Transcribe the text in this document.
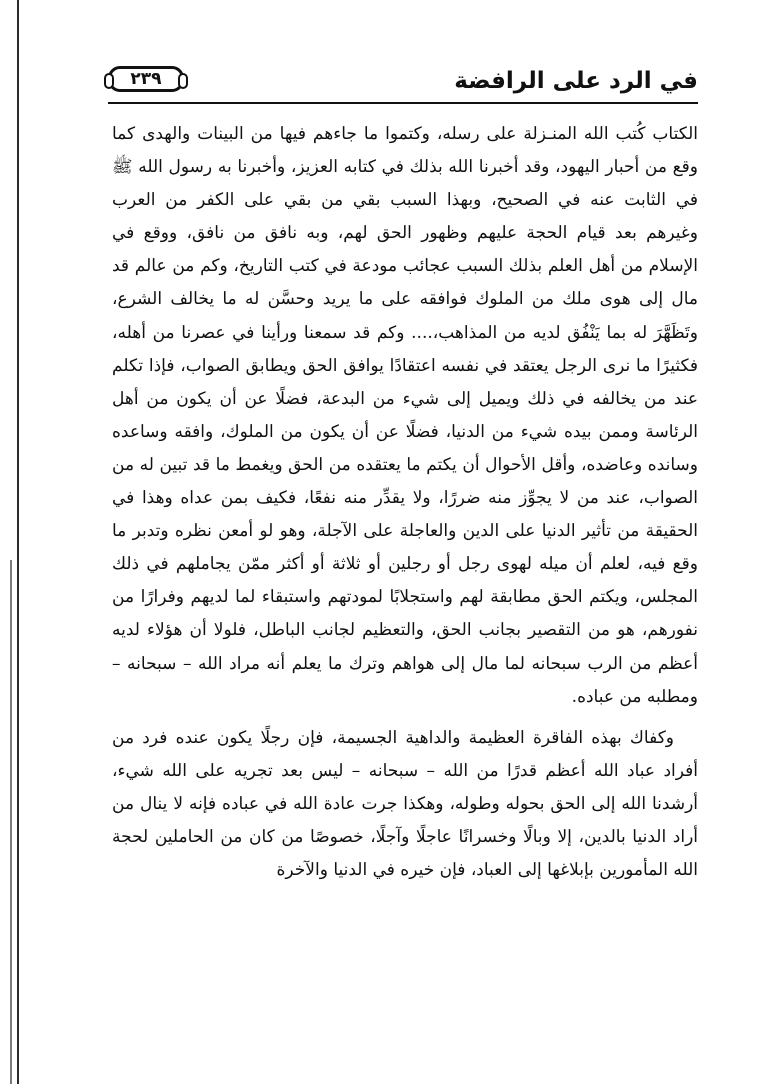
في الرد على الرافضة
٢٣٩

الكتاب كُتب الله المنـزلة على رسله، وكتموا ما جاءهم فيها من البينات والهدى كما وقع من أحبار اليهود، وقد أخبرنا الله بذلك في كتابه العزيز، وأخبرنا به رسول الله ﷺ في الثابت عنه في الصحيح، وبهذا السبب بقي من بقي على الكفر من العرب وغيرهم بعد قيام الحجة عليهم وظهور الحق لهم، وبه نافق من نافق، ووقع في الإسلام من أهل العلم بذلك السبب عجائب مودعة في كتب التاريخ، وكم من عالم قد مال إلى هوى ملك من الملوك فوافقه على ما يريد وحسَّن له ما يخالف الشرع، وتَظَهَّرَ له بما يَنْفُق لديه من المذاهب،.... وكم قد سمعنا ورأينا في عصرنا من أهله، فكثيرًا ما نرى الرجل يعتقد في نفسه اعتقادًا يوافق الحق ويطابق الصواب، فإذا تكلم عند من يخالفه في ذلك ويميل إلى شيء من البدعة، فضلًا عن أن يكون من أهل الرئاسة وممن بيده شيء من الدنيا، فضلًا عن أن يكون من الملوك، وافقه وساعده وسانده وعاضده، وأقل الأحوال أن يكتم ما يعتقده من الحق ويغمط ما قد تبين له من الصواب، عند من لا يجوِّز منه ضررًا، ولا يقدِّر منه نفعًا، فكيف بمن عداه وهذا في الحقيقة من تأثير الدنيا على الدين والعاجلة على الآجلة، وهو لو أمعن نظره وتدبر ما وقع فيه، لعلم أن ميله لهوى رجل أو رجلين أو ثلاثة أو أكثر ممّن يجاملهم في ذلك المجلس، ويكتم الحق مطابقة لهم واستجلابًا لمودتهم واستبقاء لما لديهم وفرارًا من نفورهم، هو من التقصير بجانب الحق، والتعظيم لجانب الباطل، فلولا أن هؤلاء لديه أعظم من الرب سبحانه لما مال إلى هواهم وترك ما يعلم أنه مراد الله – سبحانه – ومطلبه من عباده.

وكفاك بهذه الفاقرة العظيمة والداهية الجسيمة، فإن رجلًا يكون عنده فرد من أفراد عباد الله أعظم قدرًا من الله – سبحانه – ليس بعد تجريه على الله شيء، أرشدنا الله إلى الحق بحوله وطوله، وهكذا جرت عادة الله في عباده فإنه لا ينال من أراد الدنيا بالدين، إلا وبالًا وخسرانًا عاجلًا وآجلًا، خصوصًا من كان من الحاملين لحجة الله المأمورين بإبلاغها إلى العباد، فإن خيره في الدنيا والآخرة
